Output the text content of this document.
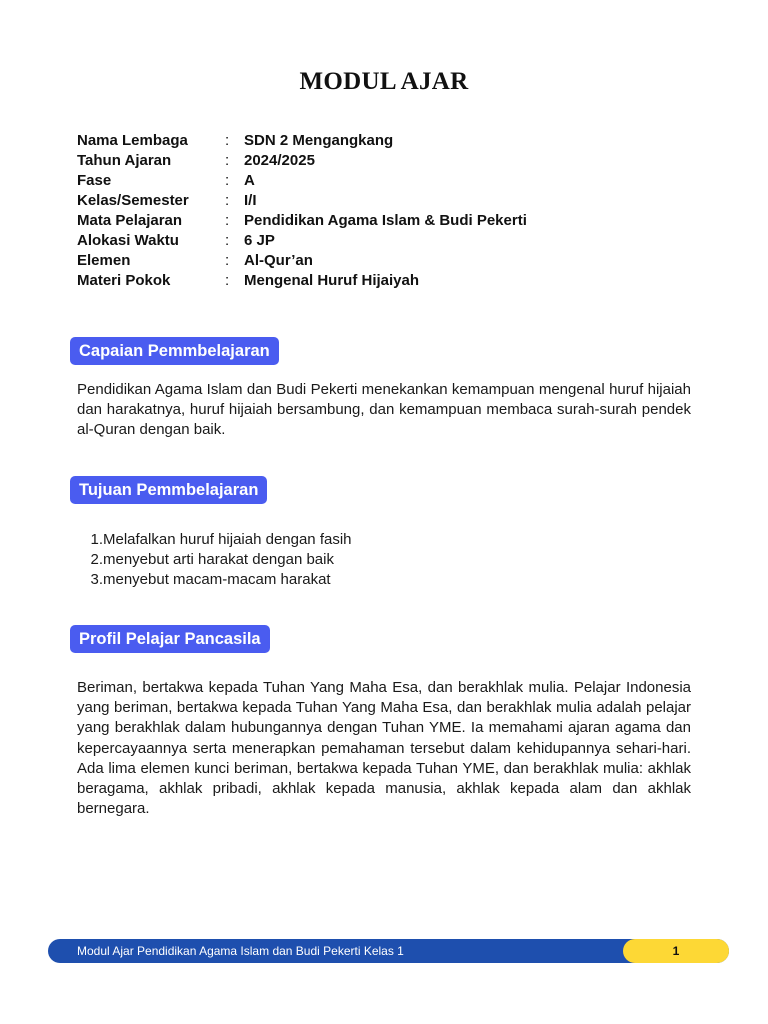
MODUL AJAR
Nama Lembaga	: SDN 2 Mengangkang
Tahun Ajaran	: 2024/2025
Fase	: A
Kelas/Semester	: I/I
Mata Pelajaran	: Pendidikan Agama Islam & Budi Pekerti
Alokasi Waktu	: 6 JP
Elemen	: Al-Qur’an
Materi Pokok	: Mengenal Huruf Hijaiyah
Capaian Pemmbelajaran

Pendidikan Agama Islam dan Budi Pekerti menekankan kemampuan mengenal huruf hijaiah dan harakatnya, huruf hijaiah bersambung, dan kemampuan membaca surah-surah pendek al-Quran dengan baik.

Tujuan Pemmbelajaran
1. Melafalkan huruf hijaiah dengan fasih
2. menyebut arti harakat dengan baik
3. menyebut macam-macam harakat
Profil Pelajar Pancasila

Beriman, bertakwa kepada Tuhan Yang Maha Esa, dan berakhlak mulia. Pelajar Indonesia yang beriman, bertakwa kepada Tuhan Yang Maha Esa, dan berakhlak mulia adalah pelajar yang berakhlak dalam hubungannya dengan Tuhan YME. Ia memahami ajaran agama dan kepercayaannya serta menerapkan pemahaman tersebut dalam kehidupannya sehari-hari. Ada lima elemen kunci beriman, bertakwa kepada Tuhan YME, dan berakhlak mulia: akhlak beragama, akhlak pribadi, akhlak kepada manusia, akhlak kepada alam dan akhlak bernegara.

Modul Ajar Pendidikan Agama Islam dan Budi Pekerti Kelas 1	1
